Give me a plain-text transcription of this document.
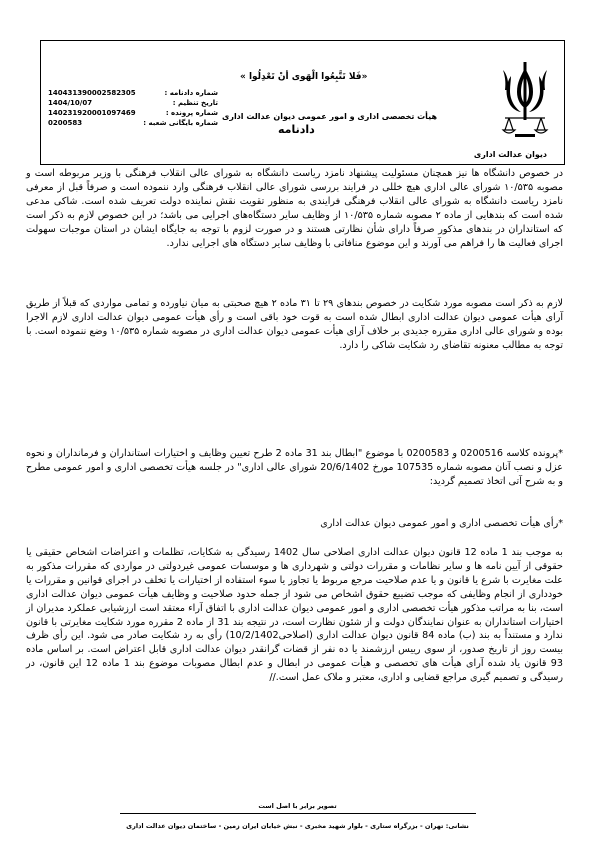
دیوان عدالت اداری
«فَلا تَتَّبِعُوا الْهَوى أنْ تَعْدِلُوا »
هیأت تخصصی اداری و امور عمومی دیوان عدالت اداری
دادنامه
140431390002582305	شماره دادنامه :
1404/10/07	تاریخ تنظیم :
140231920001097469	شماره پرونده :
0200583	شماره بایگانی شعبه :
در خصوص دانشگاه ها نیز همچنان مسئولیت پیشنهاد نامزد ریاست دانشگاه به شورای عالی انقلاب فرهنگی با وزیر مربوطه است و مصوبه ۱۰/۵۳۵ شورای عالی اداری هیچ خللی در فرایند بررسی شورای عالی انقلاب فرهنگی وارد ننموده است و صرفاً قبل از معرفی نامزد ریاست دانشگاه به شورای عالی انقلاب فرهنگی فرایندی به منظور تقویت نقش نماینده دولت تعریف شده است. شاکی مدعی شده است که بندهایی از ماده ۲ مصوبه شماره ۱۰/۵۳۵ از وظایف سایر دستگاه‌های اجرایی می باشد؛ در این خصوص لازم به ذکر است که استانداران در بندهای مذکور صرفاً دارای شأن نظارتی هستند و در صورت لزوم با توجه به جایگاه ایشان در استان موجبات سهولت اجرای فعالیت ها را فراهم می آورند و این موضوع منافاتی با وظایف سایر دستگاه های اجرایی ندارد.
لازم به ذکر است مصوبه مورد شکایت در خصوص بندهای ۲۹ تا ۳۱ ماده ۲ هیچ صحبتی به میان نیاورده و تمامی مواردی که قبلاً از طریق آرای هیأت عمومی دیوان عدالت اداری ابطال شده است به قوت خود باقی است و رأی هیأت عمومی دیوان عدالت اداری لازم الاجرا بوده و شورای عالی اداری مقرره جدیدی بر خلاف آرای هیأت عمومی دیوان عدالت اداری در مصوبه شماره ۱۰/۵۳۵ وضع ننموده است. با توجه به مطالب معنونه تقاضای رد شکایت شاکی را دارد.
*پرونده کلاسه 0200516 و 0200583 با موضوع "ابطال بند 31 ماده 2 طرح تعیین وظایف و اختیارات استانداران و فرمانداران و نحوه عزل و نصب آنان مصوبه شماره 107535 مورخ 20/6/1402 شورای عالی اداری" در جلسه هیأت تخصصی اداری و امور عمومی مطرح و به شرح آتی اتخاذ تصمیم گردید:
*رأی هیأت تخصصی اداری و امور عمومی دیوان عدالت اداری
به موجب بند 1 ماده 12 قانون دیوان عدالت اداری اصلاحی سال 1402 رسیدگی به شکایات، تظلمات و اعتراضات اشخاص حقیقی یا حقوقی از آیین نامه ها و سایر نظامات و مقررات دولتی و شهرداری ها و موسسات عمومی غیردولتی در مواردی که مقررات مذکور به علت مغایرت با شرع یا قانون و یا عدم صلاحیت مرجع مربوط یا تجاوز یا سوء استفاده از اختیارات یا تخلف در اجرای قوانین و مقررات یا خودداری از انجام وظایفی که موجب تضییع حقوق اشخاص می شود از جمله حدود صلاحیت و وظایف هیأت عمومی دیوان عدالت اداری است، بنا به مراتب مذکور هیأت تخصصی اداری و امور عمومی دیوان عدالت اداری با اتفاق آراء معتقد است ارزشیابی عملکرد مدیران از اختیارات استانداران به عنوان نمایندگان دولت و از شئون نظارت است، در نتیجه بند 31 از ماده 2 مقرره مورد شکایت مغایرتی با قانون ندارد و مستنداً به بند (ب) ماده 84 قانون دیوان عدالت اداری (اصلاحی10/2/1402) رأی به رد شکایت صادر می شود. این رأی ظرف بیست روز از تاریخ صدور، از سوی رییس ارزشمند یا ده نفر از قضات گرانقدر دیوان عدالت اداری قابل اعتراض است. بر اساس ماده 93 قانون یاد شده آرای هیأت های تخصصی و هیأت عمومی در ابطال و عدم ابطال مصوبات موضوع بند 1 ماده 12 این قانون، در رسیدگی و تصمیم گیری مراجع قضایی و اداری، معتبر و ملاک عمل است.//
تصویر برابر با اصل است
نشانی: تهران - بزرگراه ستاری - بلوار شهید مخبری - نبش خیابان ایران زمین - ساختمان دیوان عدالت اداری
